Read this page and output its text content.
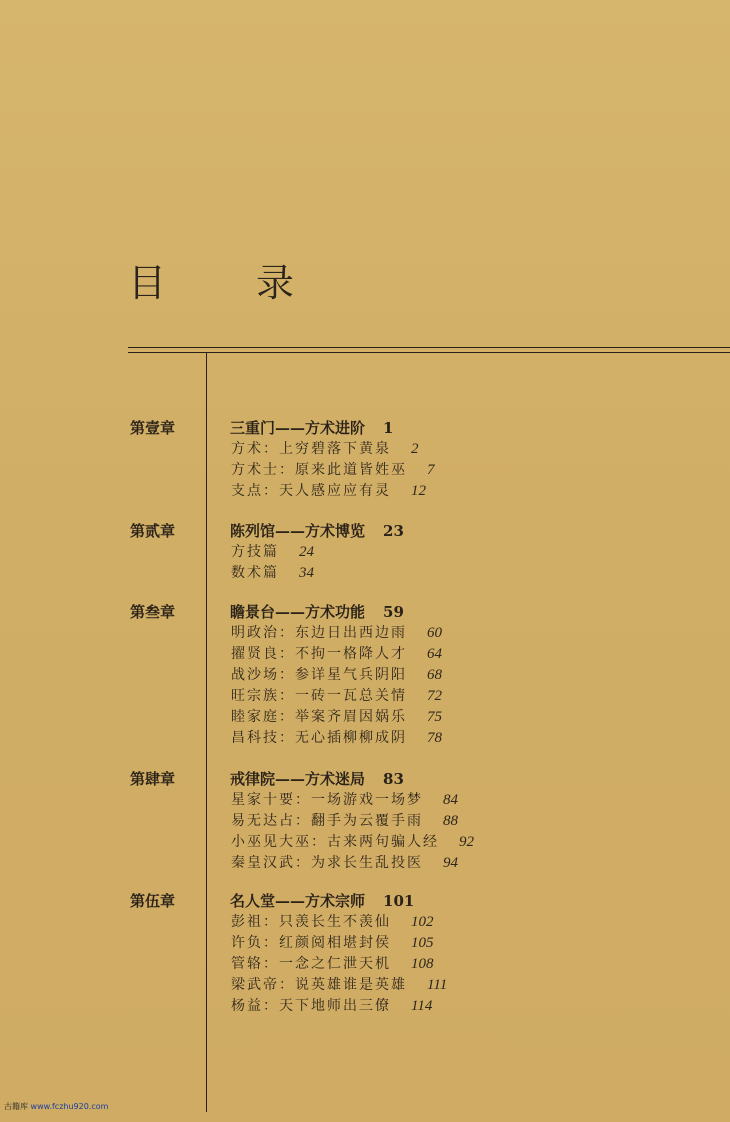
目　录
第壹章	三重门——方术进阶 1
方术：上穷碧落下黄泉 2
方术士：原来此道皆姓巫 7
支点：天人感应应有灵 12
第贰章	陈列馆——方术博览 23
方技篇 24
数术篇 34
第叁章	瞻景台——方术功能 59
明政治：东边日出西边雨 60
擢贤良：不拘一格降人才 64
战沙场：参详星气兵阴阳 68
旺宗族：一砖一瓦总关情 72
睦家庭：举案齐眉因娲乐 75
昌科技：无心插柳柳成阴 78
第肆章	戒律院——方术迷局 83
星家十要：一场游戏一场梦 84
易无达占：翻手为云覆手雨 88
小巫见大巫：古来两句骗人经 92
秦皇汉武：为求长生乱投医 94
第伍章	名人堂——方术宗师 101
彭祖：只羡长生不羡仙 102
许负：红颜阅相堪封侯 105
管辂：一念之仁泄天机 108
梁武帝：说英雄谁是英雄 111
杨益：天下地师出三僚 114
古籍库 www.fczhu920.com
